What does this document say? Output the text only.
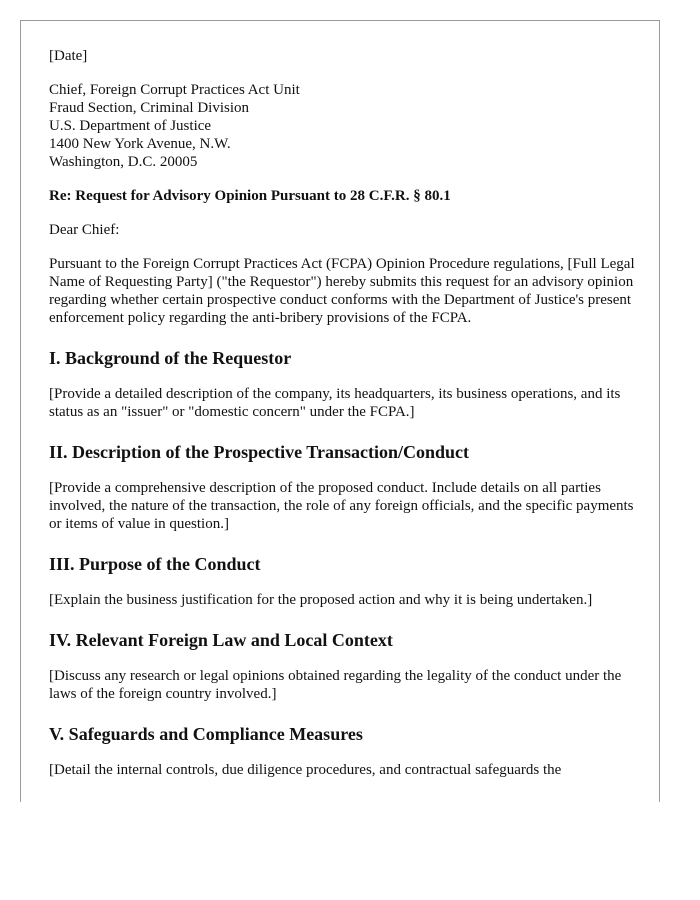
[Date]

Chief, Foreign Corrupt Practices Act Unit
Fraud Section, Criminal Division
U.S. Department of Justice
1400 New York Avenue, N.W.
Washington, D.C. 20005

Re: Request for Advisory Opinion Pursuant to 28 C.F.R. § 80.1

Dear Chief:

Pursuant to the Foreign Corrupt Practices Act (FCPA) Opinion Procedure regulations, [Full Legal Name of Requesting Party] ("the Requestor") hereby submits this request for an advisory opinion regarding whether certain prospective conduct conforms with the Department of Justice's present enforcement policy regarding the anti-bribery provisions of the FCPA.

I. Background of the Requestor

[Provide a detailed description of the company, its headquarters, its business operations, and its status as an "issuer" or "domestic concern" under the FCPA.]

II. Description of the Prospective Transaction/Conduct

[Provide a comprehensive description of the proposed conduct. Include details on all parties involved, the nature of the transaction, the role of any foreign officials, and the specific payments or items of value in question.]

III. Purpose of the Conduct

[Explain the business justification for the proposed action and why it is being undertaken.]

IV. Relevant Foreign Law and Local Context

[Discuss any research or legal opinions obtained regarding the legality of the conduct under the laws of the foreign country involved.]

V. Safeguards and Compliance Measures

[Detail the internal controls, due diligence procedures, and contractual safeguards the
